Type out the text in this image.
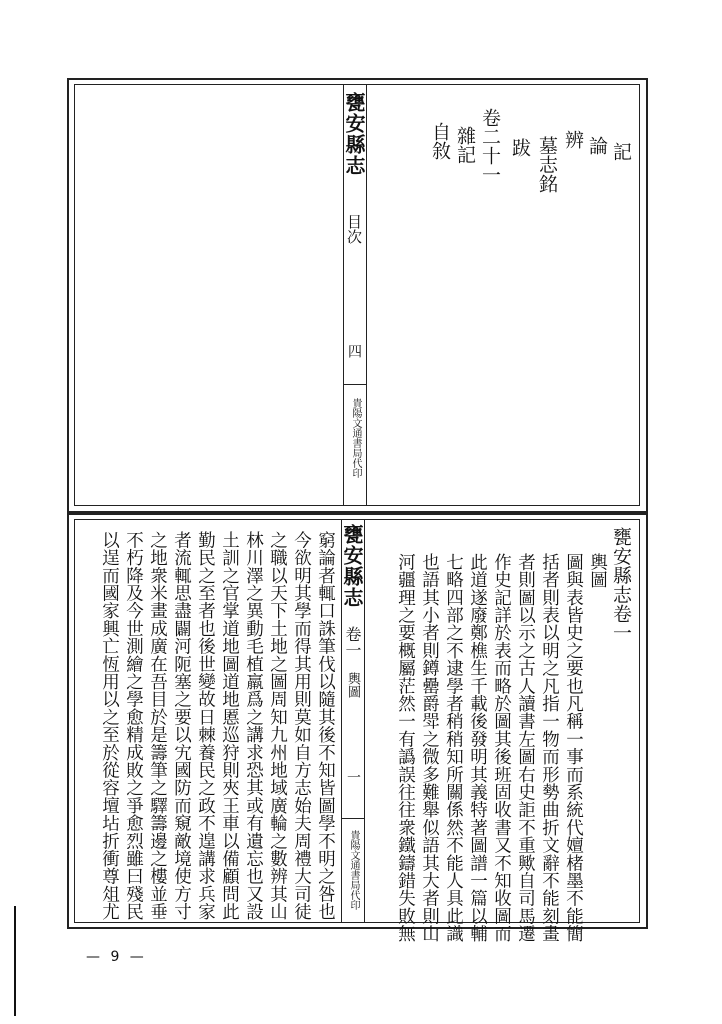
甕安縣志
目次
四
貴陽文通書局代印
記
論
辨
墓志銘
跋
卷二十一
雜記
自敘
甕安縣志
卷一
輿圖
一
貴陽文通書局代印
甕安縣志卷一
輿圖
圖與表皆史之要也凡稱一事而系統代嬗楮墨不能簡
括者則表以明之凡指一物而形勢曲折文辭不能刻畫
者則圖以示之古人讀書左圖右史詎不重歟自司馬遷
作史記詳於表而略於圖其後班固收書又不知收圖而
此道遂廢鄭樵生千載後發明其義特著圖譜一篇以輔
七略四部之不逮學者稍稍知所關係然不能人具此識
也語其小者則鐏罍爵斝之微多難舉似語其大者則山
河疆理之要概屬茫然一有譌誤往往衆鐵鑄錯失敗無
窮論者輒口誅筆伐以隨其後不知皆圖學不明之咎也
今欲明其學而得其用則莫如自方志始夫周禮大司徒
之職以天下土地之圖周知九州地域廣輪之數辨其山
林川澤之異動毛植羸爲之講求恐其或有遺忘也又設
土訓之官掌道地圖道地慝巡狩則夾王車以備顧問此
勤民之至者也後世變故日棘養民之政不遑講求兵家
者流輒思盡闢河阨塞之要以宄國防而窺敵境使方寸
之地衆米畫成廣在吾目於是籌筆之驛籌邊之樓並垂
不朽降及今世測繪之學愈精成敗之爭愈烈雖曰殘民
以逞而國家興亡恆用以之至於從容壇坫折衝尊俎尤
— 9 —
